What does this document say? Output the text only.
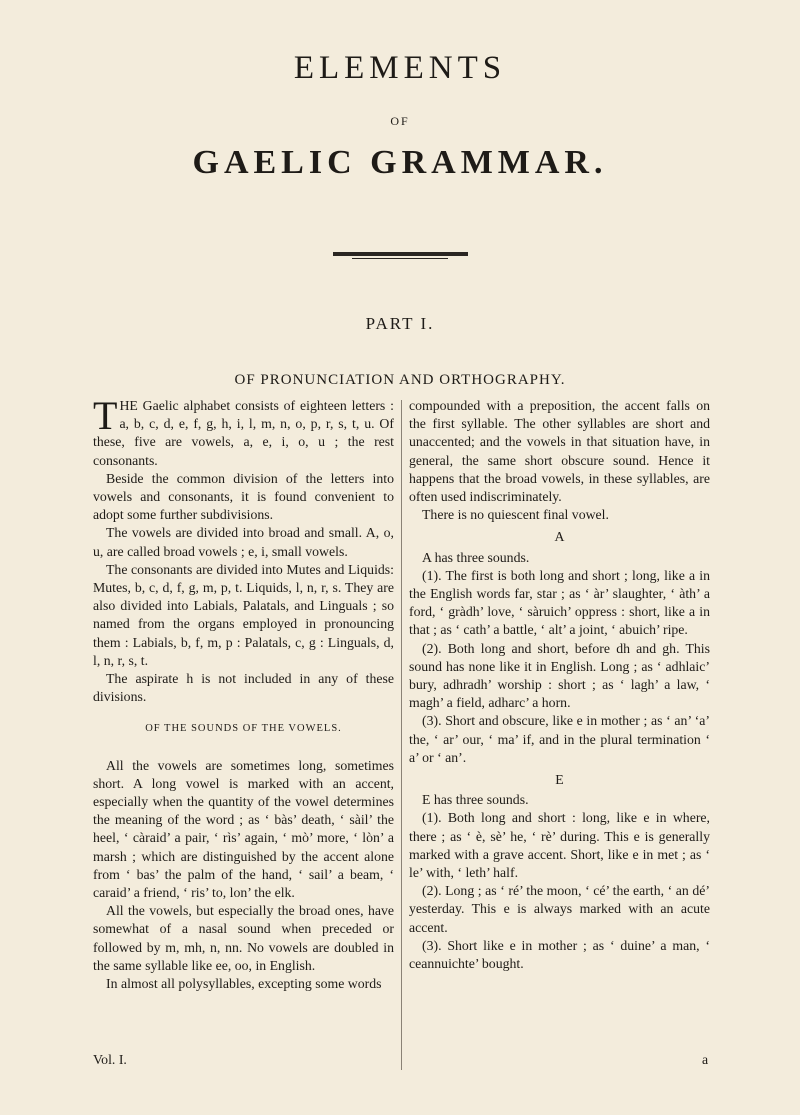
ELEMENTS
OF
GAELIC GRAMMAR.
PART I.
OF PRONUNCIATION AND ORTHOGRAPHY.

THE Gaelic alphabet consists of eighteen letters : a, b, c, d, e, f, g, h, i, l, m, n, o, p, r, s, t, u. Of these, five are vowels, a, e, i, o, u ; the rest consonants.

Beside the common division of the letters into vowels and consonants, it is found convenient to adopt some further subdivisions.

The vowels are divided into broad and small. A, o, u, are called broad vowels ; e, i, small vowels.

The consonants are divided into Mutes and Liquids: Mutes, b, c, d, f, g, m, p, t. Liquids, l, n, r, s. They are also divided into Labials, Palatals, and Linguals ; so named from the organs employed in pronouncing them : Labials, b, f, m, p : Palatals, c, g : Linguals, d, l, n, r, s, t.

The aspirate h is not included in any of these divisions.

OF THE SOUNDS OF THE VOWELS.

All the vowels are sometimes long, sometimes short. A long vowel is marked with an accent, especially when the quantity of the vowel determines the meaning of the word ; as ‘ bàs’ death, ‘ sàil’ the heel, ‘ càraid’ a pair, ‘ rìs’ again, ‘ mò’ more, ‘ lòn’ a marsh ; which are distinguished by the accent alone from ‘ bas’ the palm of the hand, ‘ sail’ a beam, ‘ caraid’ a friend, ‘ ris’ to, lon’ the elk.

All the vowels, but especially the broad ones, have somewhat of a nasal sound when preceded or followed by m, mh, n, nn. No vowels are doubled in the same syllable like ee, oo, in English.

In almost all polysyllables, excepting some words

compounded with a preposition, the accent falls on the first syllable. The other syllables are short and unaccented; and the vowels in that situation have, in general, the same short obscure sound. Hence it happens that the broad vowels, in these syllables, are often used indiscriminately.

There is no quiescent final vowel.

A

A has three sounds.

(1). The first is both long and short ; long, like a in the English words far, star ; as ‘ àr’ slaughter, ‘ àth’ a ford, ‘ gràdh’ love, ‘ sàruich’ oppress : short, like a in that ; as ‘ cath’ a battle, ‘ alt’ a joint, ‘ abuich’ ripe.

(2). Both long and short, before dh and gh. This sound has none like it in English. Long ; as ‘ adhlaic’ bury, adhradh’ worship : short ; as ‘ lagh’ a law, ‘ magh’ a field, adharc’ a horn.

(3). Short and obscure, like e in mother ; as ‘ an’ ‘a’ the, ‘ ar’ our, ‘ ma’ if, and in the plural termination ‘ a’ or ‘ an’.

E

E has three sounds.

(1). Both long and short : long, like e in where, there ; as ‘ è, sè’ he, ‘ rè’ during. This e is generally marked with a grave accent. Short, like e in met ; as ‘ le’ with, ‘ leth’ half.

(2). Long ; as ‘ ré’ the moon, ‘ cé’ the earth, ‘ an dé’ yesterday. This e is always marked with an acute accent.

(3). Short like e in mother ; as ‘ duine’ a man, ‘ ceannuichte’ bought.

Vol. I.	a
